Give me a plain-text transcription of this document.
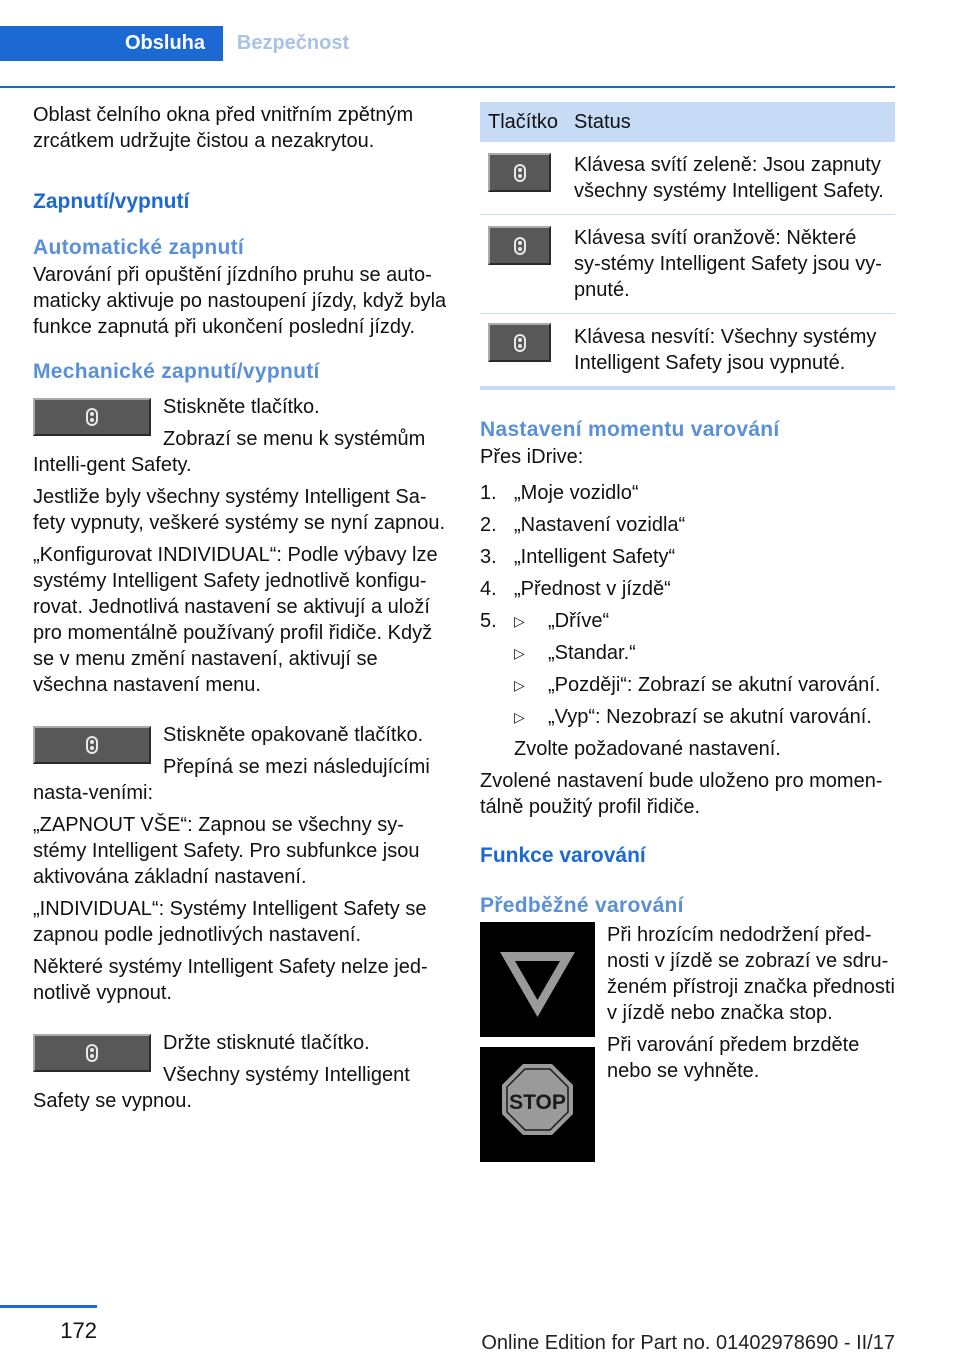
Obsluha	Bezpečnost

Oblast čelního okna před vnitřním zpětným zrcátkem udržujte čistou a nezakrytou.

Zapnutí/vypnutí

Automatické zapnutí

Varování při opuštění jízdního pruhu se auto‐maticky aktivuje po nastoupení jízdy, když byla funkce zapnutá při ukončení poslední jízdy.

Mechanické zapnutí/vypnutí

Stiskněte tlačítko.

Zobrazí se menu k systémům Intelli‐gent Safety.

Jestliže byly všechny systémy Intelligent Sa‐fety vypnuty, veškeré systémy se nyní zapnou.

„Konfigurovat INDIVIDUAL“: Podle výbavy lze systémy Intelligent Safety jednotlivě konfigu‐rovat. Jednotlivá nastavení se aktivují a uloží pro momentálně používaný profil řidiče. Když se v menu změní nastavení, aktivují se všechna nastavení menu.

Stiskněte opakovaně tlačítko.

Přepíná se mezi následujícími nasta‐veními:

„ZAPNOUT VŠE“: Zapnou se všechny sy‐stémy Intelligent Safety. Pro subfunkce jsou aktivována základní nastavení.

„INDIVIDUAL“: Systémy Intelligent Safety se zapnou podle jednotlivých nastavení.

Některé systémy Intelligent Safety nelze jed‐notlivě vypnout.

Držte stisknuté tlačítko.

Všechny systémy Intelligent Safety se vypnou.

Tlačítko	Status

	Klávesa svítí zeleně: Jsou zapnuty všechny systémy Intelligent Safety.

	Klávesa svítí oranžově: Některé sy‐stémy Intelligent Safety jsou vy‐pnuté.

	Klávesa nesvítí: Všechny systémy Intelligent Safety jsou vypnuté.

Nastavení momentu varování

Přes iDrive:

1. „Moje vozidlo“
2. „Nastavení vozidla“
3. „Intelligent Safety“
4. „Přednost v jízdě“
5. ▷ „Dříve“
▷ „Standar.“
▷ „Později“: Zobrazí se akutní varování.
▷ „Vyp“: Nezobrazí se akutní varování.
Zvolte požadované nastavení.

Zvolené nastavení bude uloženo pro momen‐tálně použitý profil řidiče.

Funkce varování

Předběžné varování

STOP

Při hrozícím nedodržení před‐nosti v jízdě se zobrazí ve sdru‐ženém přístroji značka přednosti v jízdě nebo značka stop.

Při varování předem brzděte nebo se vyhněte.

172	Online Edition for Part no. 01402978690 - II/17
